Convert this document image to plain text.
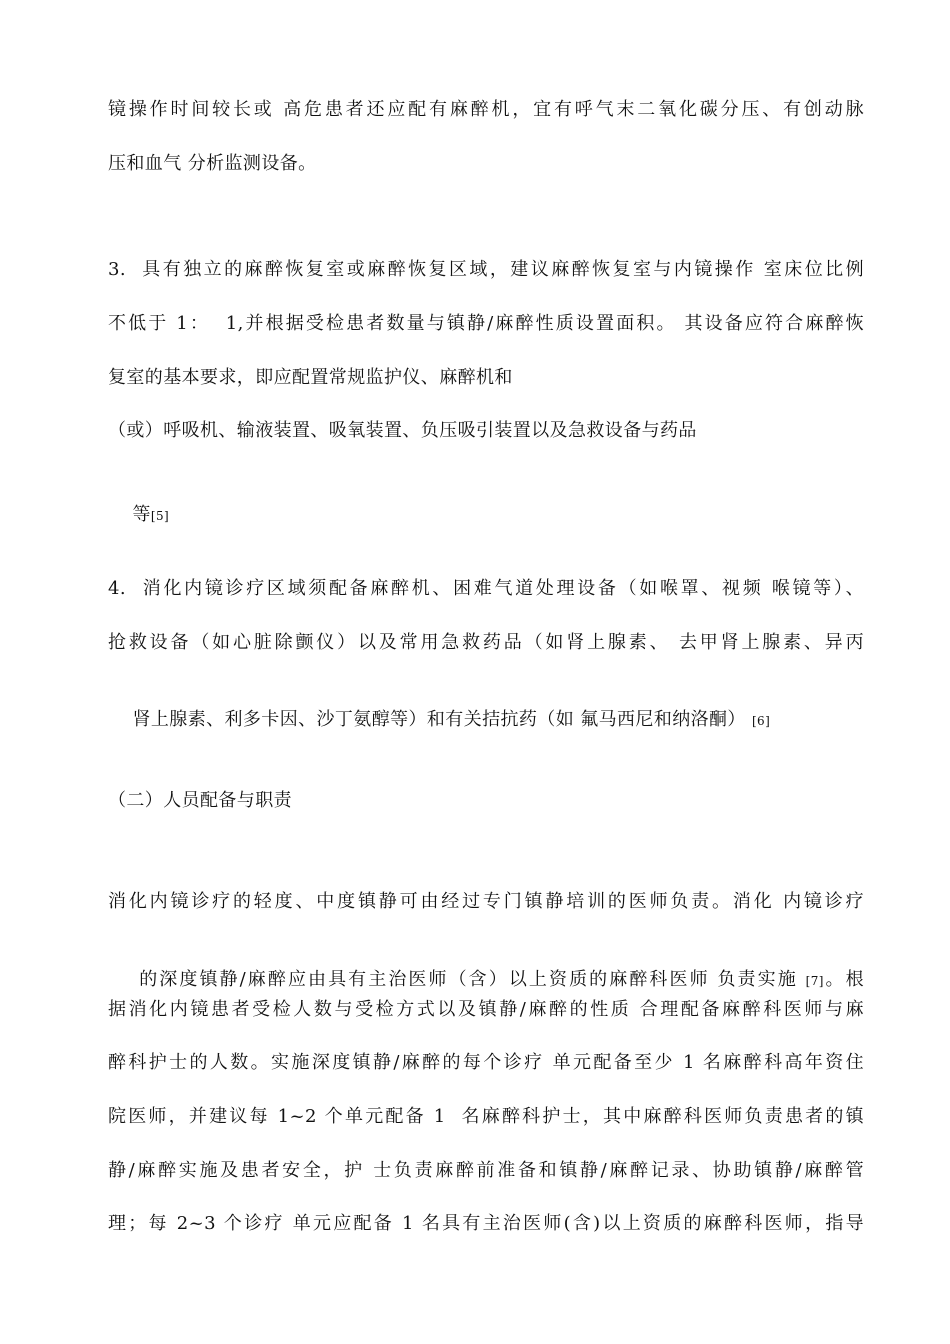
镜操作时间较长或 高危患者还应配有麻醉机，宜有呼气末二氧化碳分压、有创动脉
压和血气 分析监测设备。
3.  具有独立的麻醉恢复室或麻醉恢复区域，建议麻醉恢复室与内镜操作 室床位比例
不低于 1：  1,并根据受检患者数量与镇静/麻醉性质设置面积。 其设备应符合麻醉恢
复室的基本要求，即应配置常规监护仪、麻醉机和
（或）呼吸机、输液装置、吸氧装置、负压吸引装置以及急救设备与药品

等[5]

4.  消化内镜诊疗区域须配备麻醉机、困难气道处理设备（如喉罩、视频 喉镜等）、
抢救设备（如心脏除颤仪）以及常用急救药品（如肾上腺素、 去甲肾上腺素、异丙

肾上腺素、利多卡因、沙丁氨醇等）和有关拮抗药（如 氟马西尼和纳洛酮） [6]

（二）人员配备与职责
消化内镜诊疗的轻度、中度镇静可由经过专门镇静培训的医师负责。消化 内镜诊疗

的深度镇静/麻醉应由具有主治医师（含）以上资质的麻醉科医师 负责实施 [7]。根

据消化内镜患者受检人数与受检方式以及镇静/麻醉的性质 合理配备麻醉科医师与麻
醉科护士的人数。实施深度镇静/麻醉的每个诊疗 单元配备至少 1 名麻醉科高年资住
院医师，并建议每 1~2 个单元配备 1  名麻醉科护士，其中麻醉科医师负责患者的镇
静/麻醉实施及患者安全，护 士负责麻醉前准备和镇静/麻醉记录、协助镇静/麻醉管
理；每 2~3 个诊疗 单元应配备 1 名具有主治医师(含)以上资质的麻醉科医师，指导
